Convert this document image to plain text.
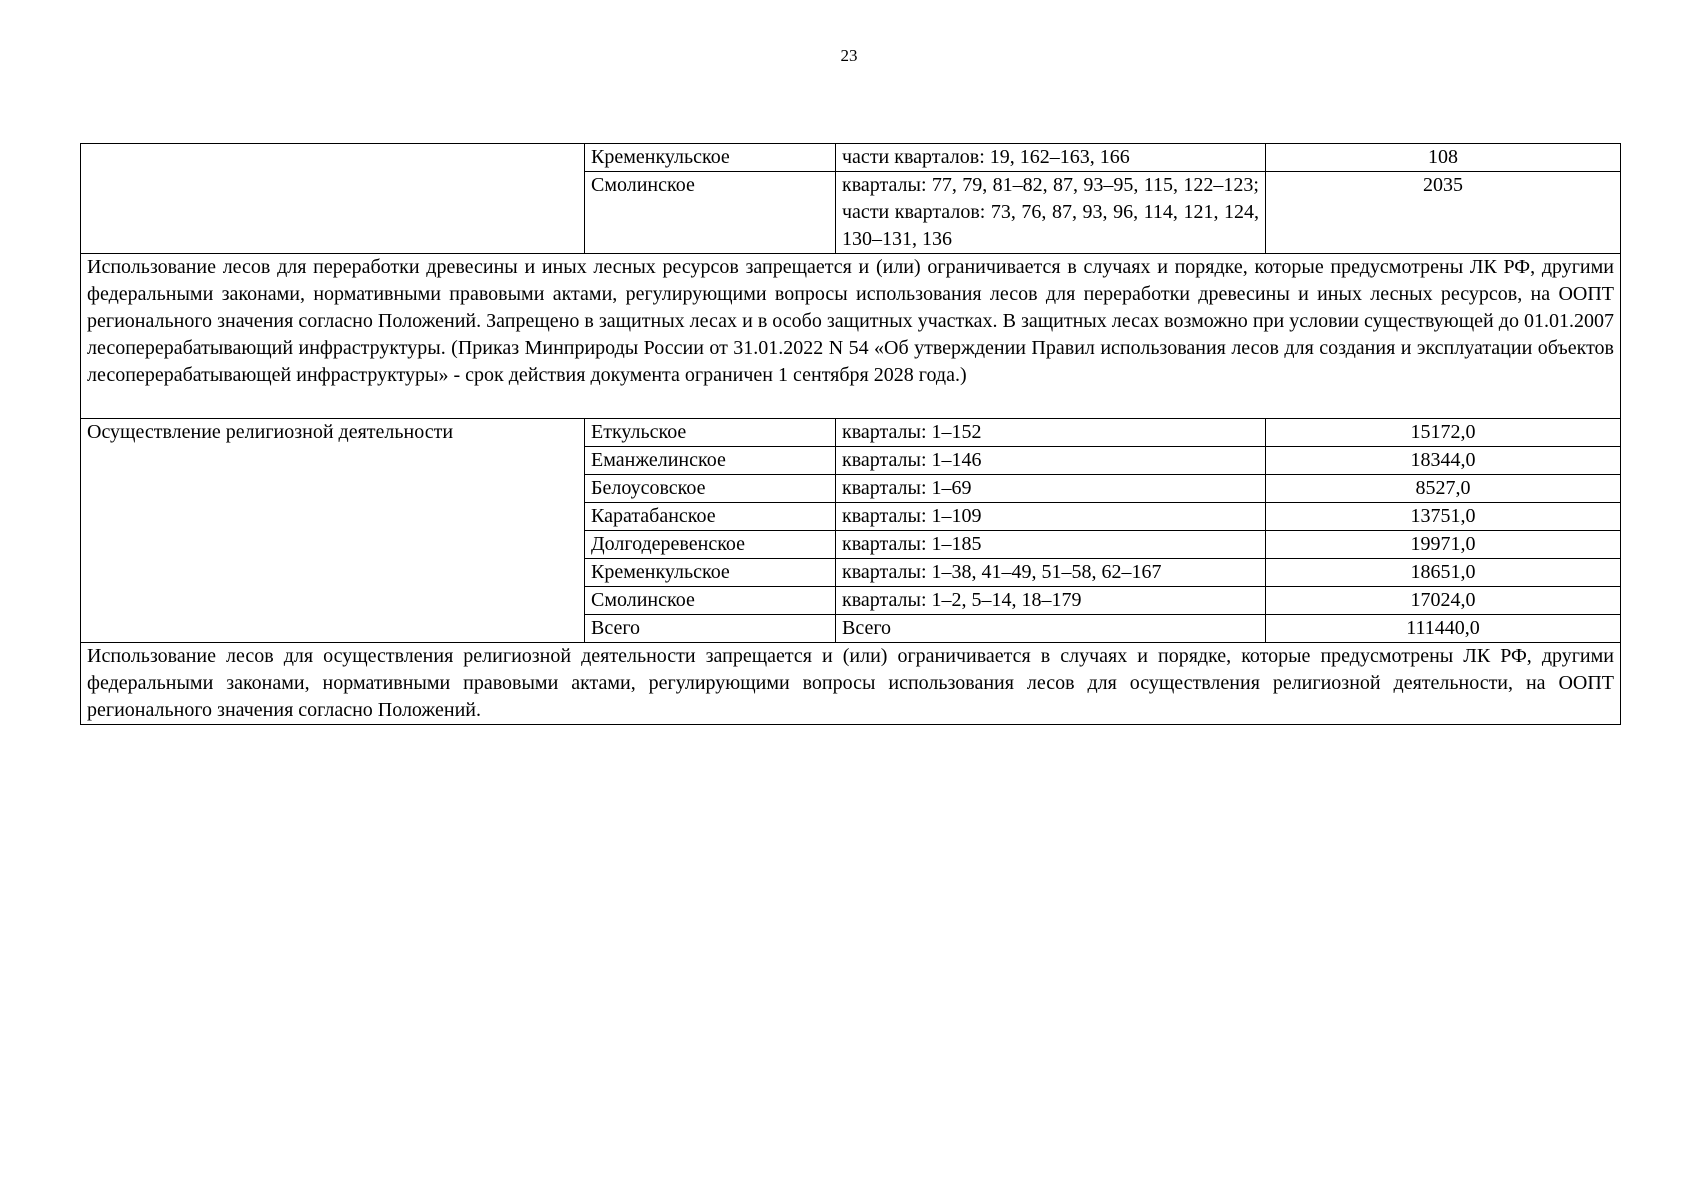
23
	Кременкульское	части кварталов: 19, 162–163, 166	108
	Смолинское	кварталы: 77, 79, 81–82, 87, 93–95, 115, 122–123; части кварталов: 73, 76, 87, 93, 96, 114, 121, 124, 130–131, 136	2035
Использование лесов для переработки древесины и иных лесных ресурсов запрещается и (или) ограничивается в случаях и порядке, которые предусмотрены ЛК РФ, другими федеральными законами, нормативными правовыми актами, регулирующими вопросы использования лесов для переработки древесины и иных лесных ресурсов, на ООПТ регионального значения согласно Положений. Запрещено в защитных лесах и в особо защитных участках. В защитных лесах возможно при условии существующей до 01.01.2007 лесоперерабатывающий инфраструктуры. (Приказ Минприроды России от 31.01.2022 N 54 «Об утверждении Правил использования лесов для создания и эксплуатации объектов лесоперерабатывающей инфраструктуры» - срок действия документа ограничен 1 сентября 2028 года.)			
Осуществление религиозной деятельности	Еткульское	кварталы: 1–152	15172,0
	Еманжелинское	кварталы: 1–146	18344,0
	Белоусовское	кварталы: 1–69	8527,0
	Каратабанское	кварталы: 1–109	13751,0
	Долгодеревенское	кварталы: 1–185	19971,0
	Кременкульское	кварталы: 1–38, 41–49, 51–58, 62–167	18651,0
	Смолинское	кварталы: 1–2, 5–14, 18–179	17024,0
	Всего	Всего	111440,0
Использование лесов для осуществления религиозной деятельности запрещается и (или) ограничивается в случаях и порядке, которые предусмотрены ЛК РФ, другими федеральными законами, нормативными правовыми актами, регулирующими вопросы использования лесов для осуществления религиозной деятельности, на ООПТ регионального значения согласно Положений.			
